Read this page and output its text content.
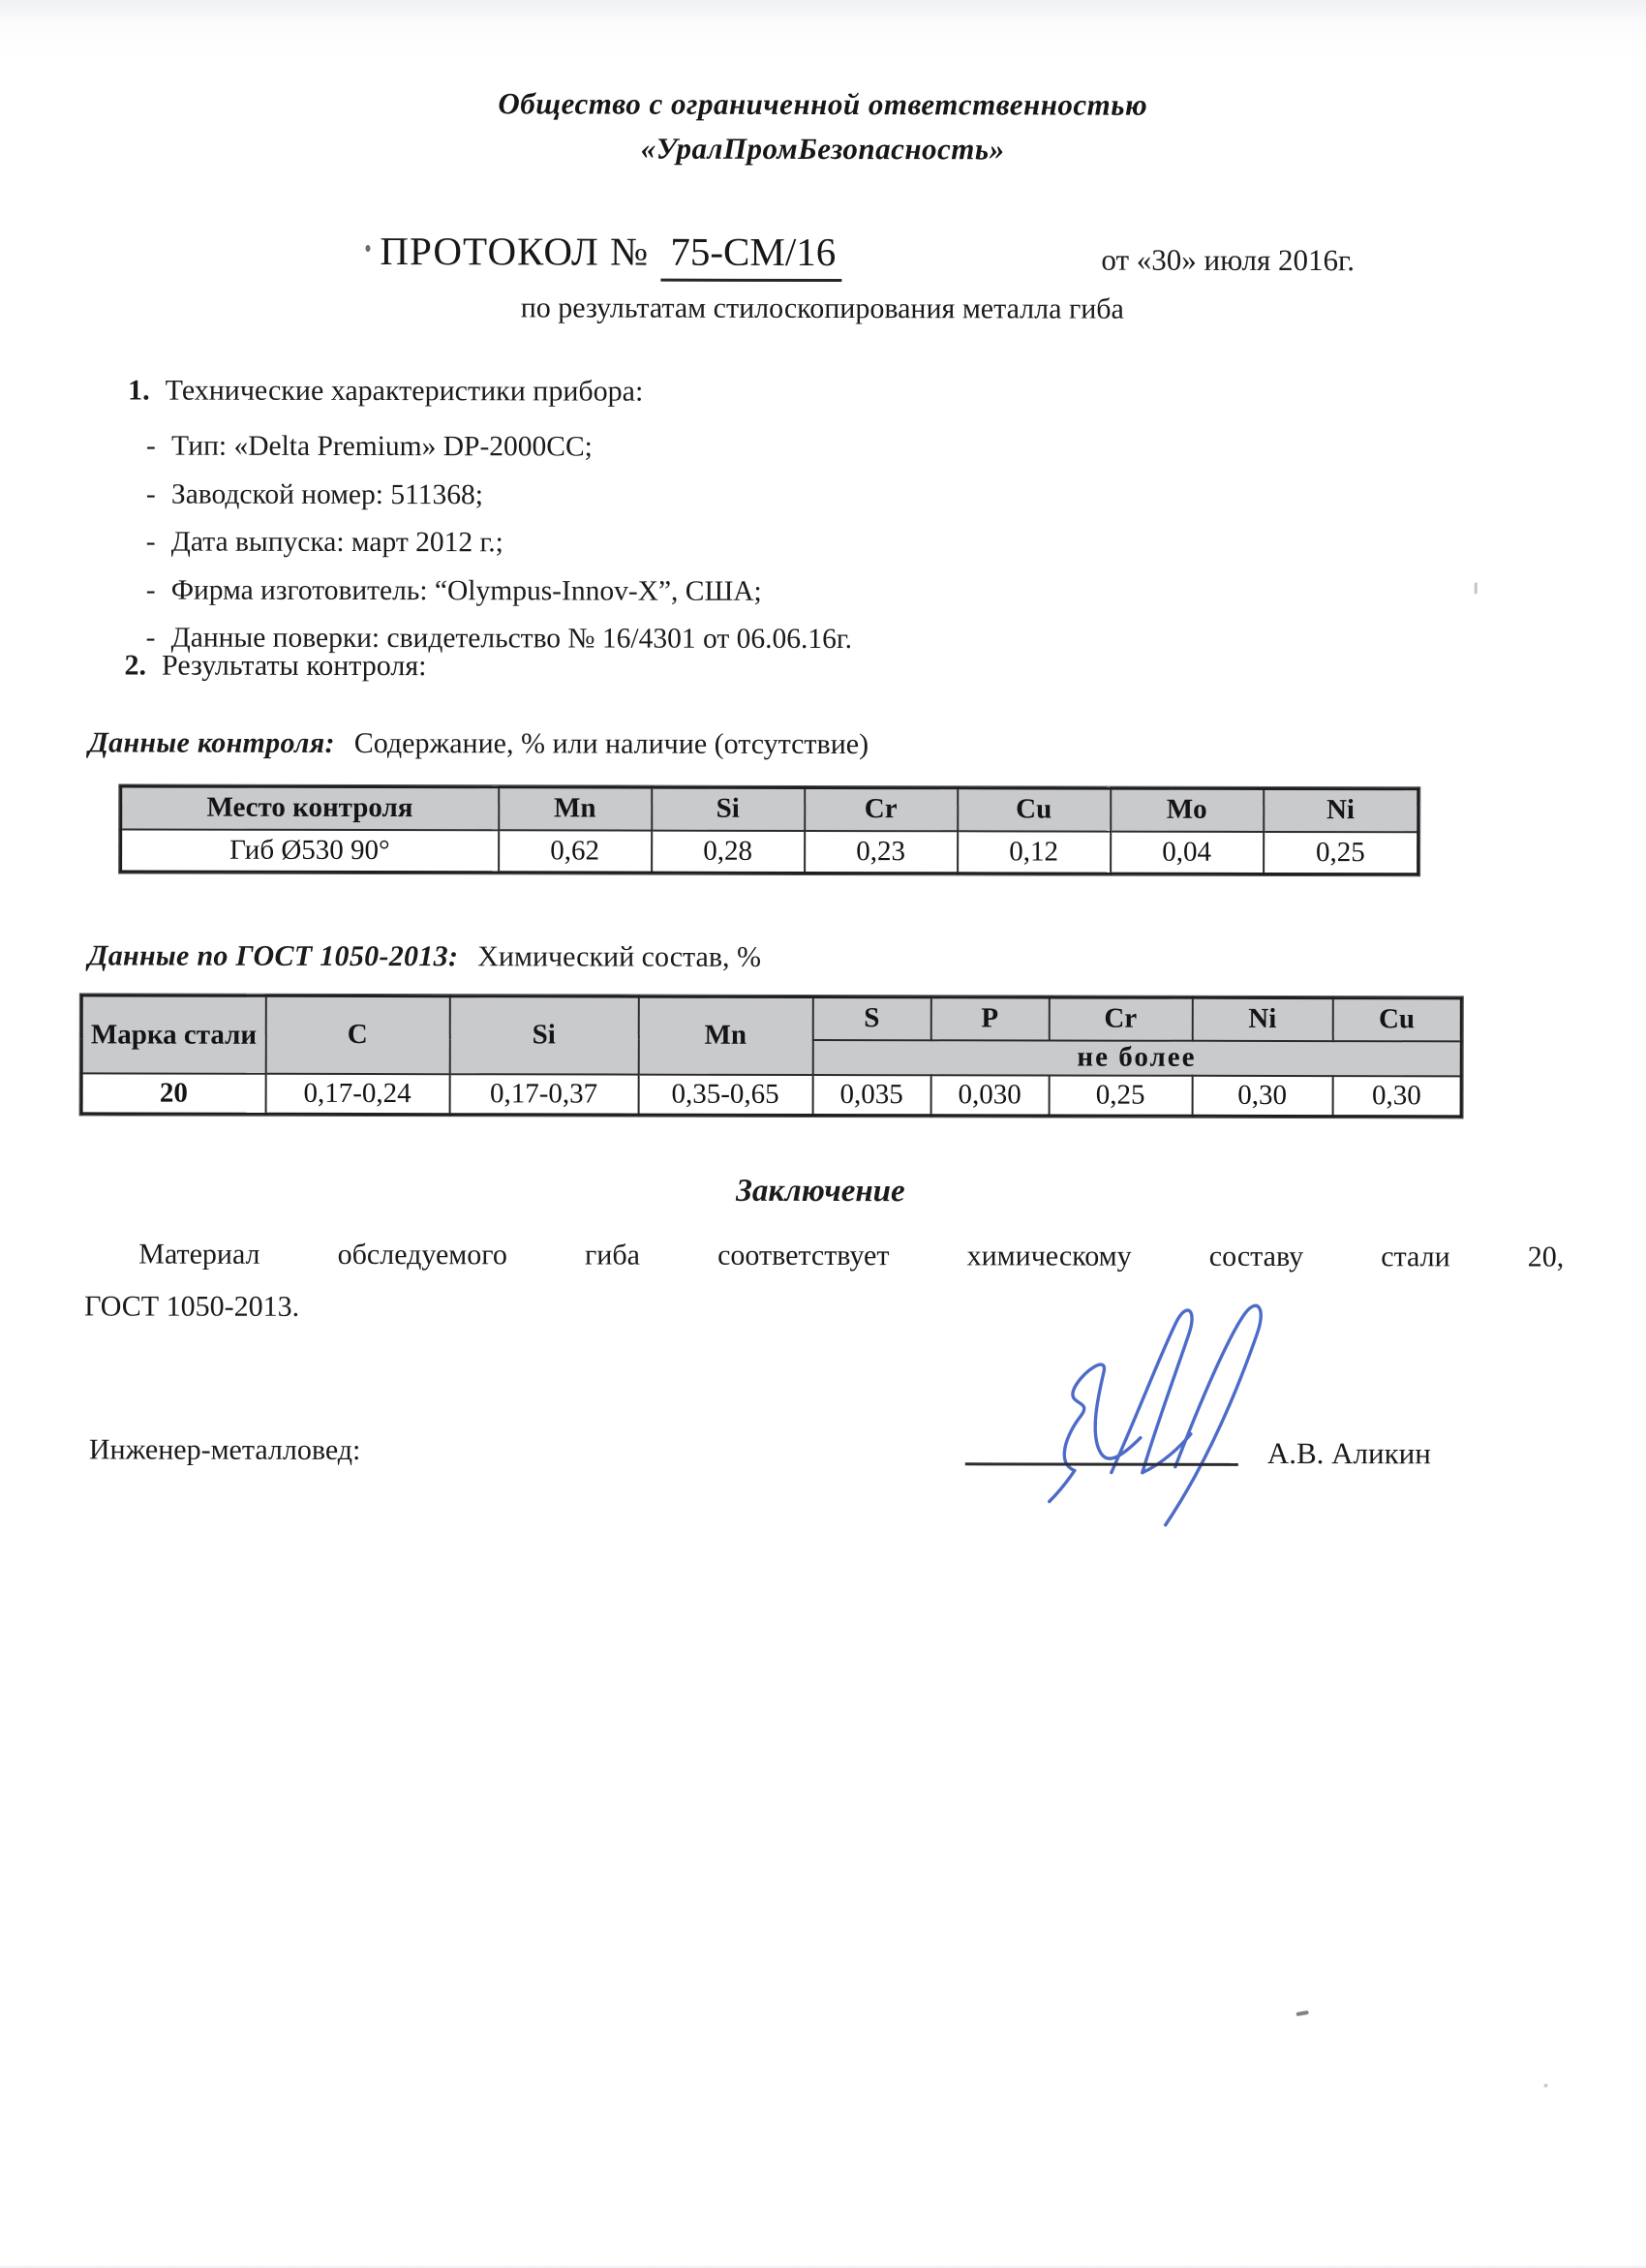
Общество с ограниченной ответственностью
«УралПромБезопасность»
ПРОТОКОЛ № 75-СМ/16	от «30» июля 2016г.
по результатам стилоскопирования металла гиба
1. Технические характеристики прибора:
- Тип: «Delta Premium» DP-2000CC;
- Заводской номер: 511368;
- Дата выпуска: март 2012 г.;
- Фирма изготовитель: “Olympus-Innov-X”, США;
- Данные поверки: свидетельство № 16/4301 от 06.06.16г.
2. Результаты контроля:
Данные контроля: Содержание, % или наличие (отсутствие)
Место контроля	Mn	Si	Cr	Cu	Mo	Ni
Гиб Ø530 90°	0,62	0,28	0,23	0,12	0,04	0,25
Данные по ГОСТ 1050-2013: Химический состав, %
Марка стали	C	Si	Mn	S	P	Cr	Ni	Cu
				не более				
20	0,17-0,24	0,17-0,37	0,35-0,65	0,035	0,030	0,25	0,30	0,30
Заключение
Материал обследуемого гиба соответствует химическому составу стали 20,
ГОСТ 1050-2013.
Инженер-металловед:	А.В. Аликин
